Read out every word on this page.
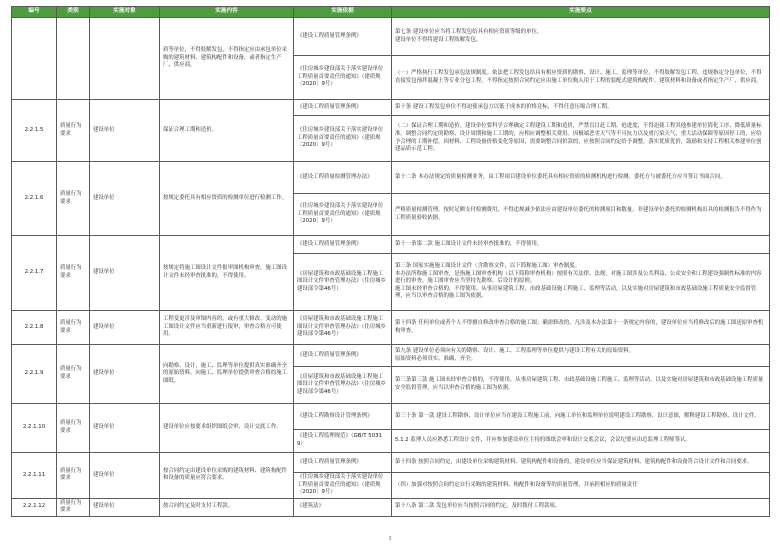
编号	类别	实施对象	实施内容	实施依据	实施要点
			质等单位，不得肢解发包，不得指定应由承包单位采购的建筑材料、建筑构配件和设备，或者指定生产厂、供应商。	《建设工程质量管理条例》	第七条 建设单位应当将工程发包给具有相应资质等级的单位。
建设单位不得将建设工程肢解发包。
				《住房城乡建设部关于落实建设单位工程质量首要责任的通知》（建质规〔2020〕9号）	（一）严格执行工程发包承包法规制度。依法把工程发包给具有相应资质的勘察、设计、施工、监理等单位，不得肢解发包工程、违规指定分包单位，不得直接发包预拌混凝土等专业分包工程，不得指定按照合同约定应由施工单位购入用于工程的装配式建筑构配件、建筑材料和设备或者指定生产厂、供应商。
2.2.1.5	质量行为要求	建设单位	保证合理工期和造价。	《建设工程质量管理条例》	第十条 建设工程发包单位不得迫使承包方以低于成本的价格竞标，不得任意压缩合理工期。
				《住房城乡建设部关于落实建设单位工程质量首要责任的通知》（建质规〔2020〕9号）	（二）保证合理工期和造价。建设单位要科学合理确定工程建设工期和造价，严禁盲目赶工期、抢进度，不得迫使工程其他参建单位简化工序、降低质量标准。调整合同约定的勘察、设计周期和施工工期的，应相应调整相关费用。因极端恶劣天气等不可抗力以及重污染天气、重大活动保障等原因停工的，应给予合理的工期补偿。因材料、工程设备价格变化等原因，需要调整合同价款的，应按照合同约定给予调整。落实优质优价，鼓励和支持工程相关参建单位创建品质示范工程。
2.2.1.6	质量行为要求	建设单位	按规定委托具有相应资质的检测单位进行检测工作。	《建设工程质量检测管理办法》	第十二条 本办法规定的质量检测业务，由工程项目建设单位委托具有相应资质的检测机构进行检测。委托方与被委托方应当签订书面合同。
				《住房城乡建设部关于落实建设单位工程质量首要责任的通知》（建质规〔2020〕9号）	严格质量检测管理，按时足额支付检测费用，不得违规减少依法应由建设单位委托的检测项目和数量，非建设单位委托的检测机构出具的检测报告不得作为工程质量验收依据。
2.2.1.7	质量行为要求	建设单位	按规定将施工图设计文件报审图机构审查，施工图设计文件未经审查批准的，不得使用。	《建设工程质量管理条例》	第十一条第二款 施工图设计文件未经审查批准的，不得使用。
				《房屋建筑和市政基础设施工程施工图设计文件审查管理办法》（住房城乡建设部令第46号）	第三条 国家实施施工图设计文件（含勘察文件，以下简称施工图）审查制度。
本办法所称施工图审查，是指施工图审查机构（以下简称审查机构）按照有关法律、法规，对施工图涉及公共利益、公众安全和工程建设强制性标准的内容进行的审查。施工图审查应当坚持先勘察、后设计的原则。
施工图未经审查合格的，不得使用。从事房屋建筑工程、市政基础设施工程施工、监理等活动，以及实施对房屋建筑和市政基础设施工程质量安全监督管理，应当以审查合格的施工图为依据。
2.2.1.8	质量行为要求	建设单位	工程变更涉及审图内容的，或有重大修改、变动的施工图设计文件应当重新进行报审，审查合格方可使用。	《房屋建筑和市政基础设施工程施工图设计文件审查管理办法》（住房城乡建设部令第46号）	第十四条 任何单位或者个人不得擅自修改审查合格的施工图；确需修改的，凡涉及本办法第十一条规定内容的，建设单位应当将修改后的施工图送原审查机构审查。
2.2.1.9	质量行为要求	建设单位	向勘察、设计、施工、监理等单位提供真实准确齐全的原始资料。向施工、监理单位提供审查合格的施工图纸。	《建设工程质量管理条例》	第九条 建设单位必须向有关的勘察、设计、施工、工程监理等单位提供与建设工程有关的原始资料。
原始资料必须真实、准确、齐全。
				《房屋建筑和市政基础设施工程施工图设计文件审查管理办法》（住房城乡建设部令第46号）	第三条第三款 施工图未经审查合格的，不得使用。从事房屋建筑工程、市政基础设施工程施工、监理等活动，以及实施对房屋建筑和市政基础设施工程质量安全监督管理，应当以审查合格的施工图为依据。
2.2.1.10	质量行为要求	建设单位	建设单位应按要求组织图纸会审、设计交底工作。	《建设工程勘察设计管理条例》	第三十条 第一款 建设工程勘察、设计单位应当在建设工程施工前，向施工单位和监理单位说明建设工程勘察、设计意图，解释建设工程勘察、设计文件。
				《建设工程监理规范》（GB/T 50319）	5.1.2 监理人员应熟悉工程设计文件，并应参加建设单位主持的图纸会审和设计交底会议，会议纪要应由总监理工程师签认。
2.2.1.11	质量行为要求	建设单位	按合同约定由建设单位采购的建筑材料、建筑构配件和设备的质量应符合要求。	《建设工程质量管理条例》	第十四条 按照合同约定，由建设单位采购建筑材料、建筑构配件和设备的，建设单位应当保证建筑材料、建筑构配件和设备符合设计文件和合同要求。
				《住房城乡建设部关于落实建设单位工程质量首要责任的通知》（建质规〔2020〕9号）	（四）加强对按照合同约定自行采购的建筑材料、构配件和设备等的质量管理，并承担相应的质量责任
2.2.1.12	质量行为要求	建设单位	按合同约定及时支付工程款。	《建筑法》	第十八条 第二款 发包单位应当按照合同的约定，及时拨付工程款项。
3
